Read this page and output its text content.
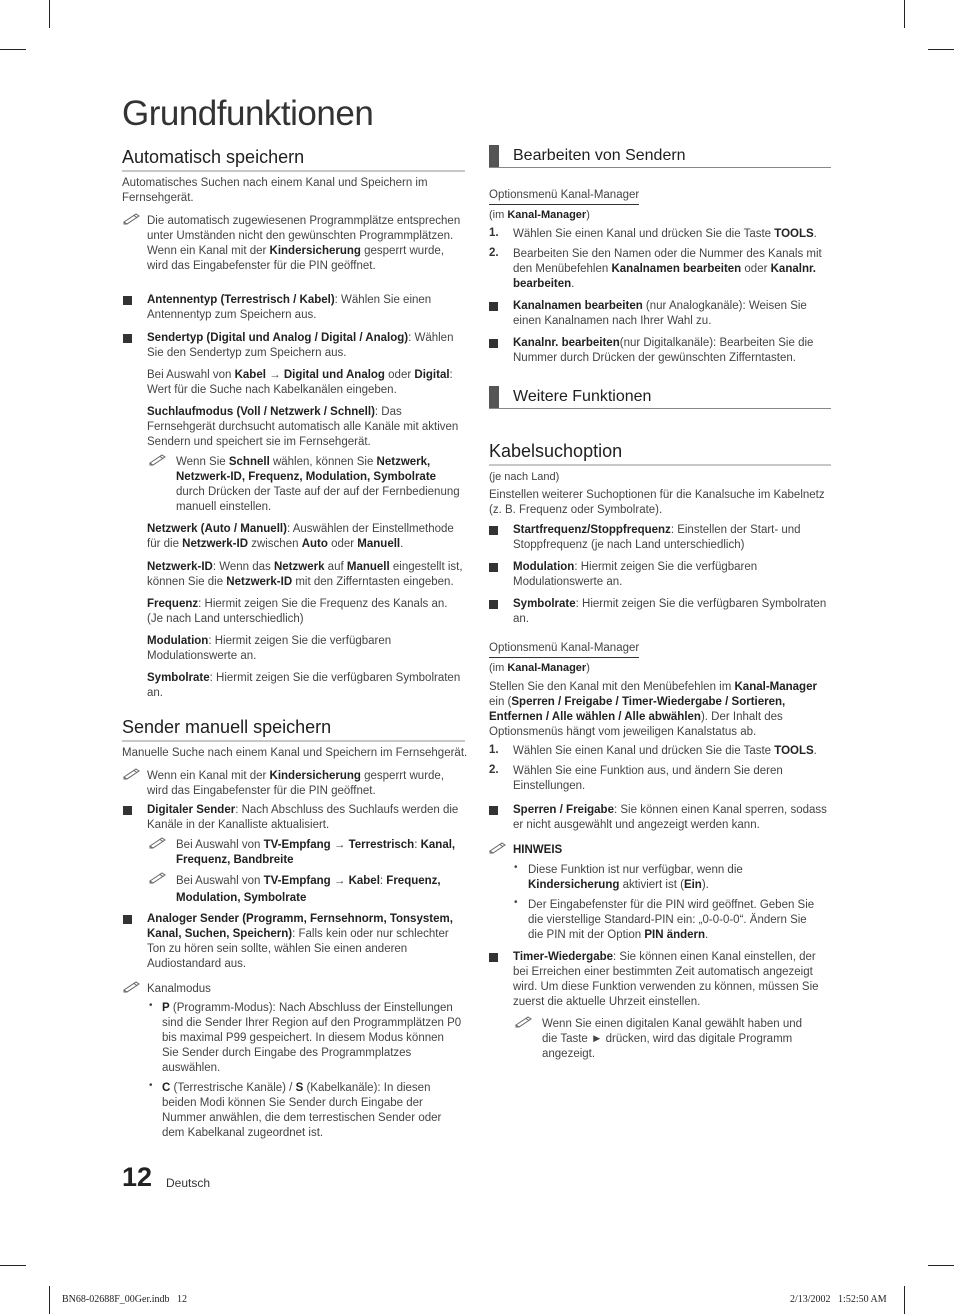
Grundfunktionen
Automatisch speichern

Automatisches Suchen nach einem Kanal und Speichern im Fernsehgerät.

Die automatisch zugewiesenen Programmplätze entsprechen unter Umständen nicht den gewünschten Programmplätzen. Wenn ein Kanal mit der Kindersicherung gesperrt wurde, wird das Eingabefenster für die PIN geöffnet.

Antennentyp (Terrestrisch / Kabel): Wählen Sie einen Antennentyp zum Speichern aus.

Sendertyp (Digital und Analog / Digital / Analog): Wählen Sie den Sendertyp zum Speichern aus.

Bei Auswahl von Kabel → Digital und Analog oder Digital: Wert für die Suche nach Kabelkanälen eingeben.

Suchlaufmodus (Voll / Netzwerk / Schnell): Das Fernsehgerät durchsucht automatisch alle Kanäle mit aktiven Sendern und speichert sie im Fernsehgerät.

Wenn Sie Schnell wählen, können Sie Netzwerk, Netzwerk-ID, Frequenz, Modulation, Symbolrate durch Drücken der Taste auf der auf der Fernbedienung manuell einstellen.

Netzwerk (Auto / Manuell): Auswählen der Einstellmethode für die Netzwerk-ID zwischen Auto oder Manuell.

Netzwerk-ID: Wenn das Netzwerk auf Manuell eingestellt ist, können Sie die Netzwerk-ID mit den Zifferntasten eingeben.

Frequenz: Hiermit zeigen Sie die Frequenz des Kanals an. (Je nach Land unterschiedlich)

Modulation: Hiermit zeigen Sie die verfügbaren Modulationswerte an.

Symbolrate: Hiermit zeigen Sie die verfügbaren Symbolraten an.

Sender manuell speichern

Manuelle Suche nach einem Kanal und Speichern im Fernsehgerät.

Wenn ein Kanal mit der Kindersicherung gesperrt wurde, wird das Eingabefenster für die PIN geöffnet.

Digitaler Sender: Nach Abschluss des Suchlaufs werden die Kanäle in der Kanalliste aktualisiert.

Bei Auswahl von TV-Empfang → Terrestrisch: Kanal, Frequenz, Bandbreite

Bei Auswahl von TV-Empfang → Kabel: Frequenz, Modulation, Symbolrate

Analoger Sender (Programm, Fernsehnorm, Tonsystem, Kanal, Suchen, Speichern): Falls kein oder nur schlechter Ton zu hören sein sollte, wählen Sie einen anderen Audiostandard aus.

Kanalmodus

• P (Programm-Modus): Nach Abschluss der Einstellungen sind die Sender Ihrer Region auf den Programmplätzen P0 bis maximal P99 gespeichert. In diesem Modus können Sie Sender durch Eingabe des Programmplatzes auswählen.

• C (Terrestrische Kanäle) / S (Kabelkanäle): In diesen beiden Modi können Sie Sender durch Eingabe der Nummer anwählen, die dem terrestischen Sender oder dem Kabelkanal zugeordnet ist.

12 Deutsch
Bearbeiten von Sendern

Optionsmenü Kanal-Manager

(im Kanal-Manager)

1. Wählen Sie einen Kanal und drücken Sie die Taste TOOLS.

2. Bearbeiten Sie den Namen oder die Nummer des Kanals mit den Menübefehlen Kanalnamen bearbeiten oder Kanalnr. bearbeiten.

Kanalnamen bearbeiten (nur Analogkanäle): Weisen Sie einen Kanalnamen nach Ihrer Wahl zu.

Kanalnr. bearbeiten(nur Digitalkanäle): Bearbeiten Sie die Nummer durch Drücken der gewünschten Zifferntasten.

Weitere Funktionen
Kabelsuchoption

(je nach Land)

Einstellen weiterer Suchoptionen für die Kanalsuche im Kabelnetz (z. B. Frequenz oder Symbolrate).

Startfrequenz/Stoppfrequenz: Einstellen der Start- und Stoppfrequenz (je nach Land unterschiedlich)

Modulation: Hiermit zeigen Sie die verfügbaren Modulationswerte an.

Symbolrate: Hiermit zeigen Sie die verfügbaren Symbolraten an.

Optionsmenü Kanal-Manager

(im Kanal-Manager)

Stellen Sie den Kanal mit den Menübefehlen im Kanal-Manager ein (Sperren / Freigabe / Timer-Wiedergabe / Sortieren, Entfernen / Alle wählen / Alle abwählen). Der Inhalt des Optionsmenüs hängt vom jeweiligen Kanalstatus ab.

1. Wählen Sie einen Kanal und drücken Sie die Taste TOOLS.

2. Wählen Sie eine Funktion aus, und ändern Sie deren Einstellungen.

Sperren / Freigabe: Sie können einen Kanal sperren, sodass er nicht ausgewählt und angezeigt werden kann.

HINWEIS

• Diese Funktion ist nur verfügbar, wenn die Kindersicherung aktiviert ist (Ein).

• Der Eingabefenster für die PIN wird geöffnet. Geben Sie die vierstellige Standard-PIN ein: „0-0-0-0“. Ändern Sie die PIN mit der Option PIN ändern.

Timer-Wiedergabe: Sie können einen Kanal einstellen, der bei Erreichen einer bestimmten Zeit automatisch angezeigt wird. Um diese Funktion verwenden zu können, müssen Sie zuerst die aktuelle Uhrzeit einstellen.

Wenn Sie einen digitalen Kanal gewählt haben und die Taste ► drücken, wird das digitale Programm angezeigt.

BN68-02688F_00Ger.indb   12	2/13/2002   1:52:50 AM
